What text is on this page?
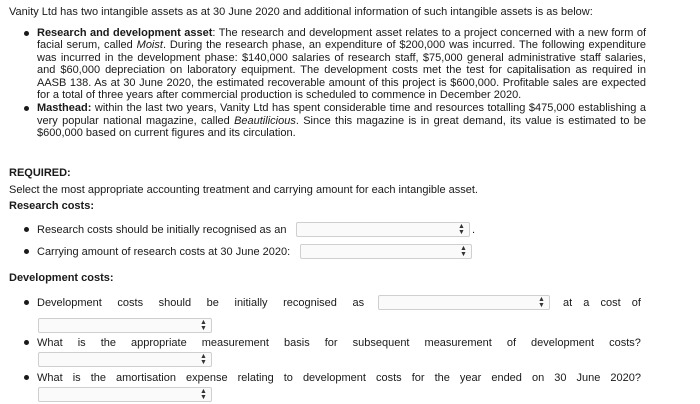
Vanity Ltd has two intangible assets as at 30 June 2020 and additional information of such intangible assets is as below:
Research and development asset: The research and development asset relates to a project concerned with a new form of facial serum, called Moist. During the research phase, an expenditure of $200,000 was incurred. The following expenditure was incurred in the development phase: $140,000 salaries of research staff, $75,000 general administrative staff salaries, and $60,000 depreciation on laboratory equipment. The development costs met the test for capitalisation as required in AASB 138. As at 30 June 2020, the estimated recoverable amount of this project is $600,000. Profitable sales are expected for a total of three years after commercial production is scheduled to commence in December 2020.
Masthead: within the last two years, Vanity Ltd has spent considerable time and resources totalling $475,000 establishing a very popular national magazine, called Beautilicious. Since this magazine is in great demand, its value is estimated to be $600,000 based on current figures and its circulation.
REQUIRED:
Select the most appropriate accounting treatment and carrying amount for each intangible asset.
Research costs:
Research costs should be initially recognised as an	▲
▼ .
Carrying amount of research costs at 30 June 2020:	▲
▼
Development costs:
Development costs should be initially recognised as	▲
▼ at a cost of
▲
▼
What is the appropriate measurement basis for subsequent measurement of development costs?
▲
▼
What is the amortisation expense relating to development costs for the year ended on 30 June 2020?
▲
▼
